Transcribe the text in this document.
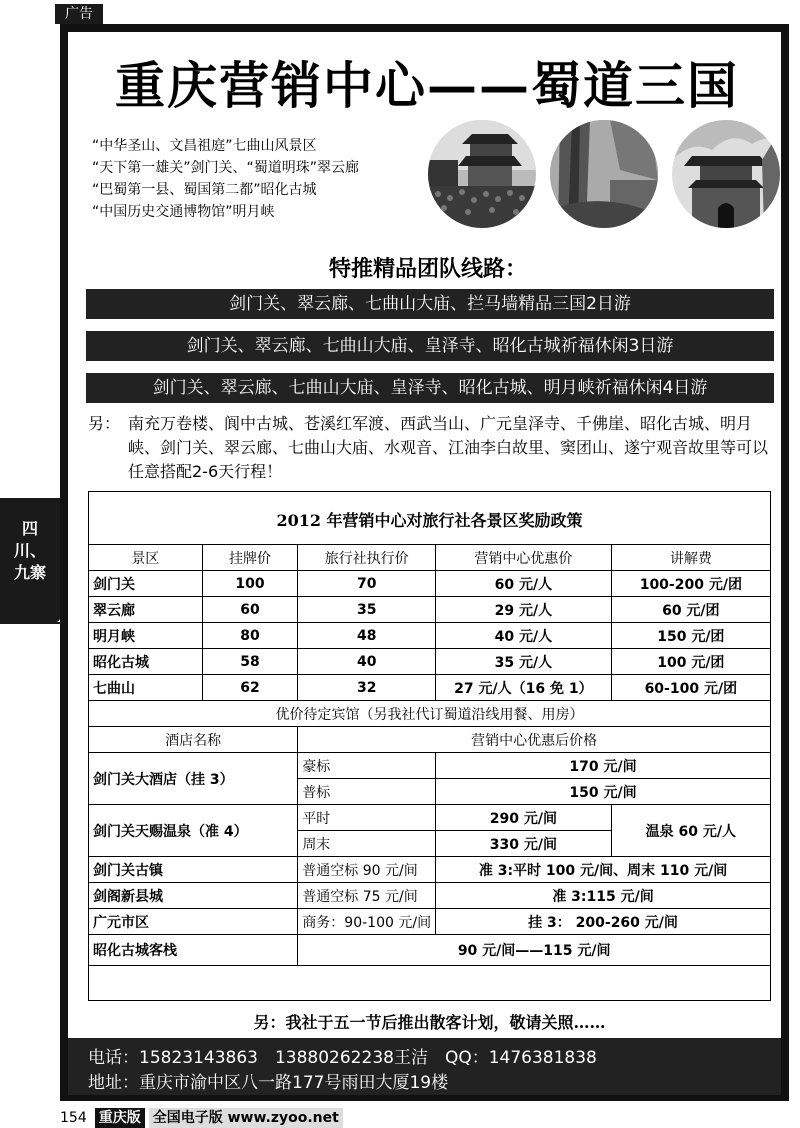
广告
重庆营销中心——蜀道三国
“中华圣山、文昌祖庭”七曲山风景区
“天下第一雄关”剑门关、“蜀道明珠”翠云廊
“巴蜀第一县、蜀国第二都”昭化古城
“中国历史交通博物馆”明月峡
特推精品团队线路：
剑门关、翠云廊、七曲山大庙、拦马墙精品三国2日游
剑门关、翠云廊、七曲山大庙、皇泽寺、昭化古城祈福休闲3日游
剑门关、翠云廊、七曲山大庙、皇泽寺、昭化古城、明月峡祈福休闲4日游
另： 南充万卷楼、阆中古城、苍溪红军渡、西武当山、广元皇泽寺、千佛崖、昭化古城、明月峡、剑门关、翠云廊、七曲山大庙、水观音、江油李白故里、窦团山、遂宁观音故里等可以任意搭配2-6天行程！
2012 年营销中心对旅行社各景区奖励政策
景区	挂牌价	旅行社执行价	营销中心优惠价	讲解费
剑门关	100	70	60 元/人	100-200 元/团
翠云廊	60	35	29 元/人	60 元/团
明月峡	80	48	40 元/人	150 元/团
昭化古城	58	40	35 元/人	100 元/团
七曲山	62	32	27 元/人（16 免 1）	60-100 元/团
优价待定宾馆（另我社代订蜀道沿线用餐、用房）				
酒店名称		营销中心优惠后价格		
剑门关大酒店（挂 3）		豪标	170 元/间	
		普标	150 元/间	
剑门关天赐温泉（准 4）		平时	290 元/间	温泉 60 元/人
		周末	330 元/间	
剑门关古镇		普通空标 90 元/间	准 3:平时 100 元/间、周末 110 元/间	
剑阁新县城		普通空标 75 元/间	准 3:115 元/间	
广元市区		商务：90-100 元/间	挂 3： 200-260 元/间	
昭化古城客栈		90 元/间——115 元/间		
另：我社于五一节后推出散客计划，敬请关照……
电话：15823143863　13880262238王洁　QQ：1476381838
地址：重庆市渝中区八一路177号雨田大厦19楼
四川、九寨
154 重庆版 全国电子版 www.zyoo.net
